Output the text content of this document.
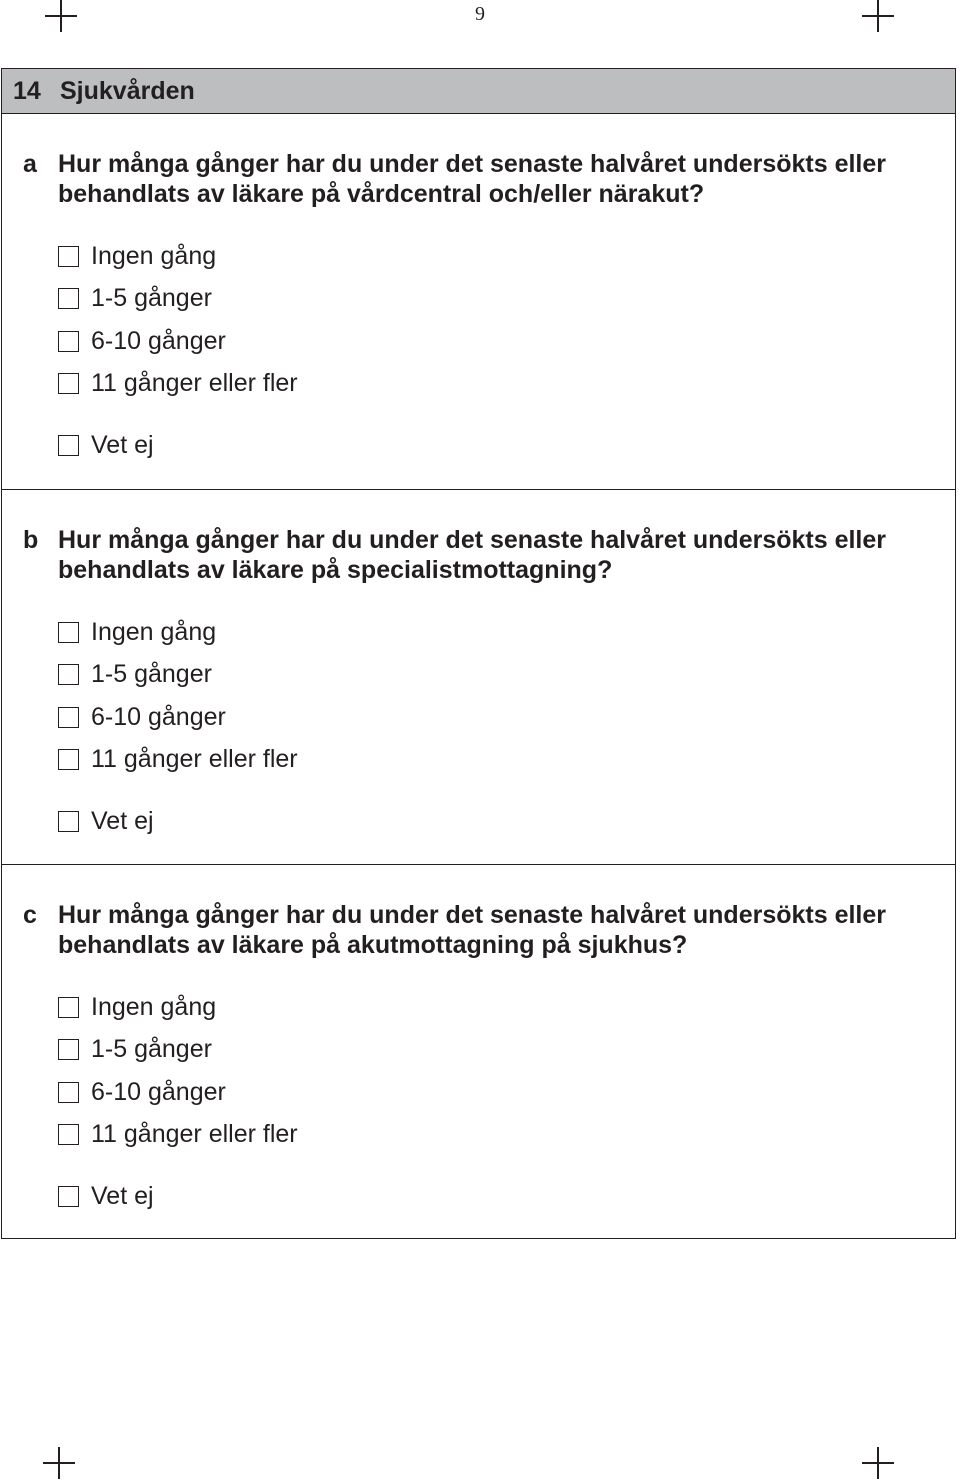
9
14 Sjukvården
a Hur många gånger har du under det senaste halvåret undersökts eller behandlats av läkare på vårdcentral och/eller närakut?

Ingen gång
1-5 gånger
6-10 gånger
11 gånger eller fler
Vet ej
b Hur många gånger har du under det senaste halvåret undersökts eller behandlats av läkare på specialistmottagning?

Ingen gång
1-5 gånger
6-10 gånger
11 gånger eller fler
Vet ej
c Hur många gånger har du under det senaste halvåret undersökts eller behandlats av läkare på akutmottagning på sjukhus?

Ingen gång
1-5 gånger
6-10 gånger
11 gånger eller fler
Vet ej
